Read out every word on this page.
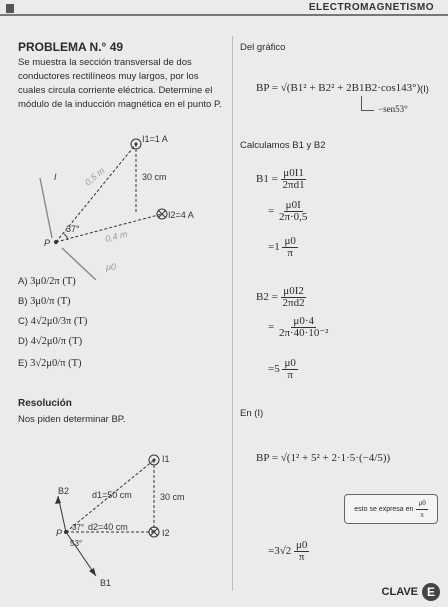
ELECTROMAGNETISMO
PROBLEMA N.° 49
Se muestra la sección transversal de dos conductores rectilíneos muy largos, por los cuales circula corriente eléctrica. Determine el módulo de la inducción magnética en el punto P.
I1=1 A
I2=4 A
30 cm
37°
0,5 m
0,4 m
P
I
μ0
A) 3μ0/2π (T)
B) 3μ0/π (T)
C) 4√2μ0/3π (T)
D) 4√2μ0/π (T)
E) 3√2μ0/π (T)
Resolución
Nos piden determinar BP.
I1
I2
30 cm
d1=50 cm
d2=40 cm
37°
53°
B2
B1
P
Del gráfico
BP = √(B1² + B2² + 2B1B2·cos143°) (I)
−sen53°
Calculamos B1 y B2
$B1 = \frac{\mu 0I1}{2\pi d1}$
= $\frac{\mu 0I}{2\pi\cdot 0,5}$
$=1 \frac{\mu 0}{\pi}$
$B2 = \frac{\mu 0I2}{2\pi d2}$
= $\frac{\mu 0\cdot 4}{\text{2π·40·10⁻²}}$
$=5 \frac{\mu 0}{\pi}$
En (I)
BP = √(1² + 5² + 2·1·5·(−4/5))
esto se expresa en $\frac{\mu 0}{\pi}$
$=3√2 \frac{\mu 0}{\pi}$
CLAVE E
